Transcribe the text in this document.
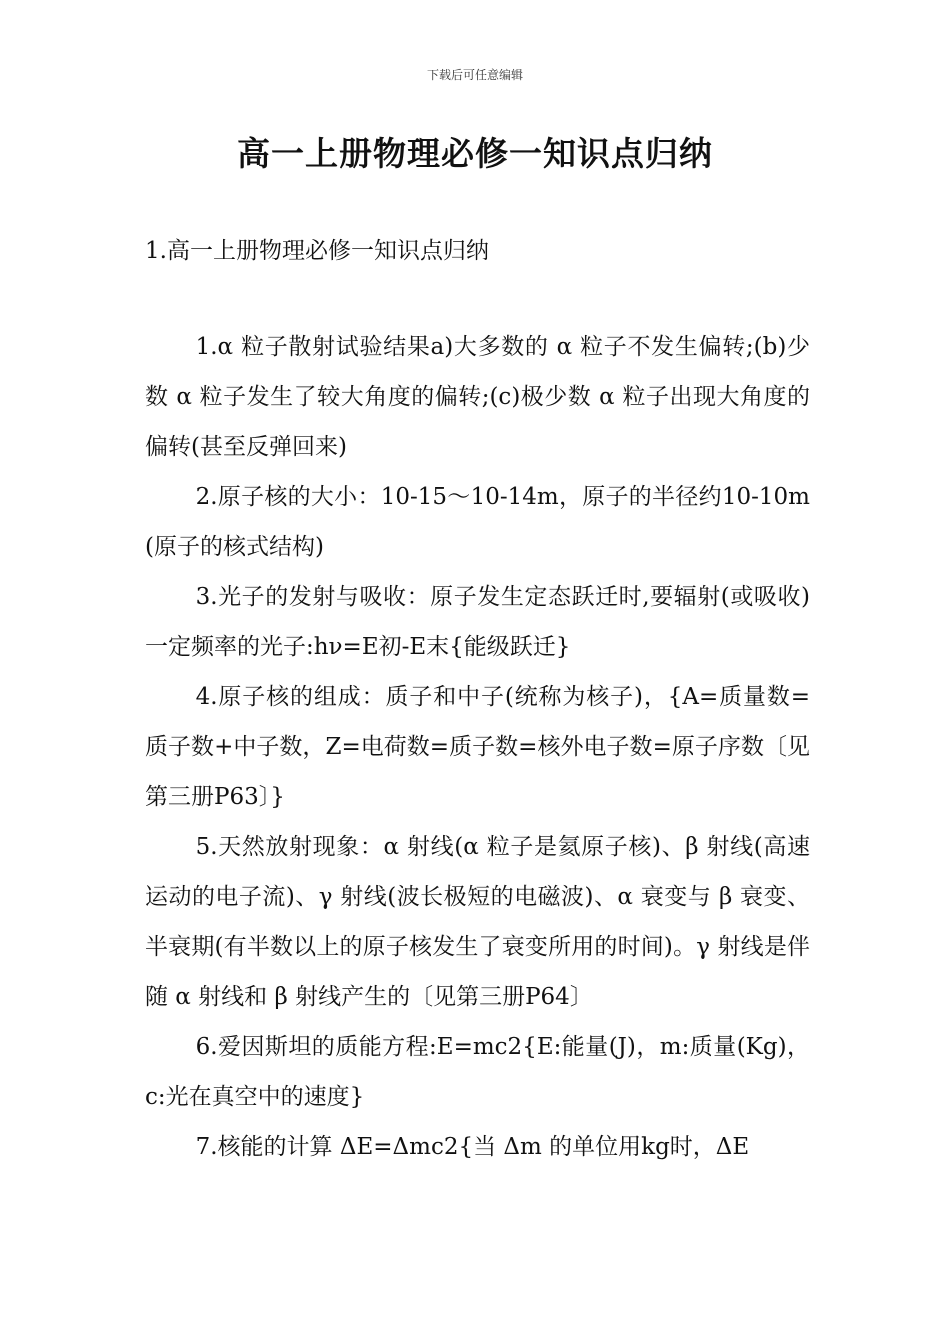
下载后可任意编辑
高一上册物理必修一知识点归纳
1.高一上册物理必修一知识点归纳

1.α 粒子散射试验结果a)大多数的 α 粒子不发生偏转;(b)少数 α 粒子发生了较大角度的偏转;(c)极少数 α 粒子出现大角度的偏转(甚至反弹回来)

2.原子核的大小：10-15～10-14m，原子的半径约10-10m(原子的核式结构)

3.光子的发射与吸收：原子发生定态跃迁时,要辐射(或吸收)一定频率的光子:hν=E初-E末{能级跃迁}

4.原子核的组成：质子和中子(统称为核子)，{A=质量数=质子数+中子数，Z=电荷数=质子数=核外电子数=原子序数〔见第三册P63〕}

5.天然放射现象：α 射线(α 粒子是氦原子核)、β 射线(高速运动的电子流)、γ 射线(波长极短的电磁波)、α 衰变与 β 衰变、半衰期(有半数以上的原子核发生了衰变所用的时间)。γ 射线是伴随 α 射线和 β 射线产生的〔见第三册P64〕

6.爱因斯坦的质能方程:E=mc2{E:能量(J)，m:质量(Kg)，c:光在真空中的速度}

7.核能的计算 ΔE=Δmc2{当 Δm 的单位用kg时，ΔE
